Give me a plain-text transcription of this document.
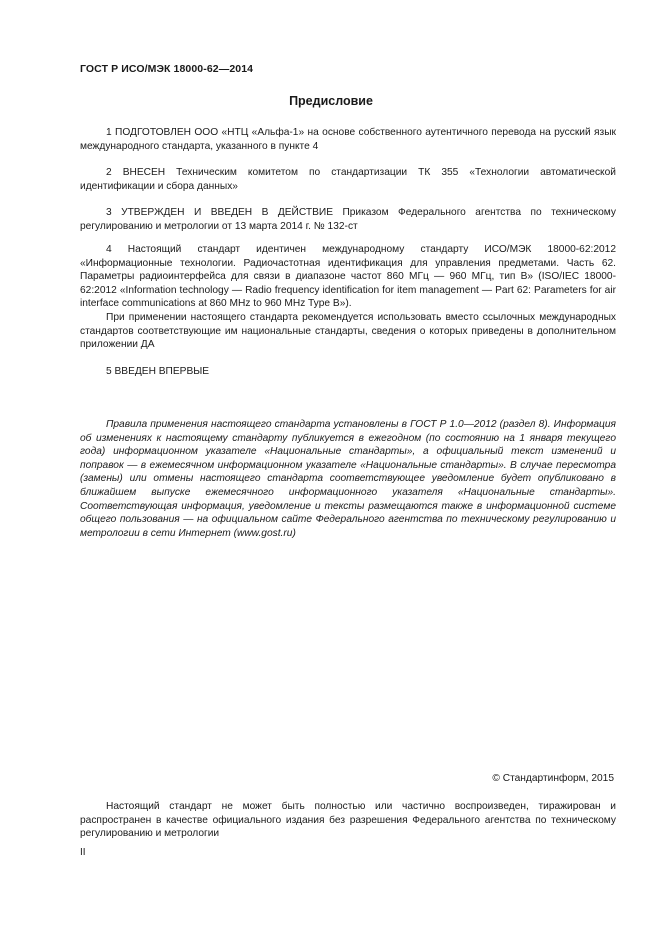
ГОСТ Р ИСО/МЭК 18000-62—2014
Предисловие

1 ПОДГОТОВЛЕН ООО «НТЦ «Альфа-1» на основе собственного аутентичного перевода на русский язык международного стандарта, указанного в пункте 4

2 ВНЕСЕН Техническим комитетом по стандартизации ТК 355 «Технологии автоматической идентификации и сбора данных»

3 УТВЕРЖДЕН И ВВЕДЕН В ДЕЙСТВИЕ Приказом Федерального агентства по техническому регулированию и метрологии от 13 марта 2014 г. № 132-ст

4 Настоящий стандарт идентичен международному стандарту ИСО/МЭК 18000-62:2012 «Информационные технологии. Радиочастотная идентификация для управления предметами. Часть 62. Параметры радиоинтерфейса для связи в диапазоне частот 860 МГц — 960 МГц, тип В» (ISO/IEC 18000-62:2012 «Information technology — Radio frequency identification for item management — Part 62: Parameters for air interface communications at 860 MHz to 960 MHz Type B»).

При применении настоящего стандарта рекомендуется использовать вместо ссылочных международных стандартов соответствующие им национальные стандарты, сведения о которых приведены в дополнительном приложении ДА

5 ВВЕДЕН ВПЕРВЫЕ

Правила применения настоящего стандарта установлены в ГОСТ Р 1.0—2012 (раздел 8). Информация об изменениях к настоящему стандарту публикуется в ежегодном (по состоянию на 1 января текущего года) информационном указателе «Национальные стандарты», а официальный текст изменений и поправок — в ежемесячном информационном указателе «Национальные стандарты». В случае пересмотра (замены) или отмены настоящего стандарта соответствующее уведомление будет опубликовано в ближайшем выпуске ежемесячного информационного указателя «Национальные стандарты». Соответствующая информация, уведомление и тексты размещаются также в информационной системе общего пользования — на официальном сайте Федерального агентства по техническому регулированию и метрологии в сети Интернет (www.gost.ru)

© Стандартинформ, 2015

Настоящий стандарт не может быть полностью или частично воспроизведен, тиражирован и распространен в качестве официального издания без разрешения Федерального агентства по техническому регулированию и метрологии

II
